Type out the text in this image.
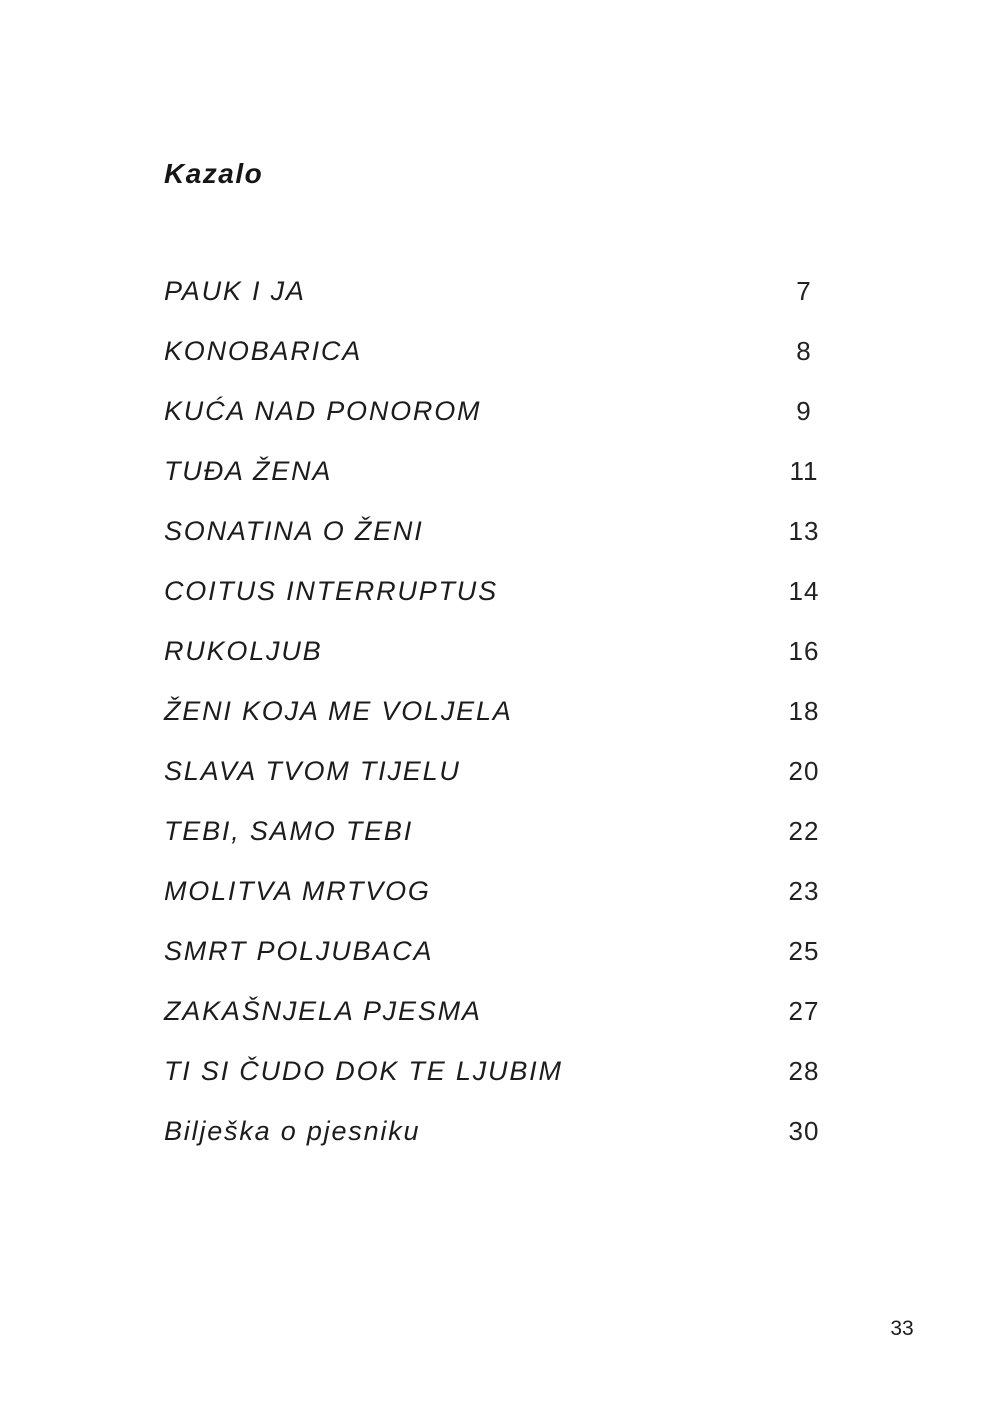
Kazalo
PAUK I JA	7
KONOBARICA	8
KUĆA NAD PONOROM	9
TUĐA ŽENA	11
SONATINA O ŽENI	13
COITUS INTERRUPTUS	14
RUKOLJUB	16
ŽENI KOJA ME VOLJELA	18
SLAVA TVOM TIJELU	20
TEBI, SAMO TEBI	22
MOLITVA MRTVOG	23
SMRT POLJUBACA	25
ZAKAŠNJELA PJESMA	27
TI SI ČUDO DOK TE LJUBIM	28
Bilješka o pjesniku	30
33
